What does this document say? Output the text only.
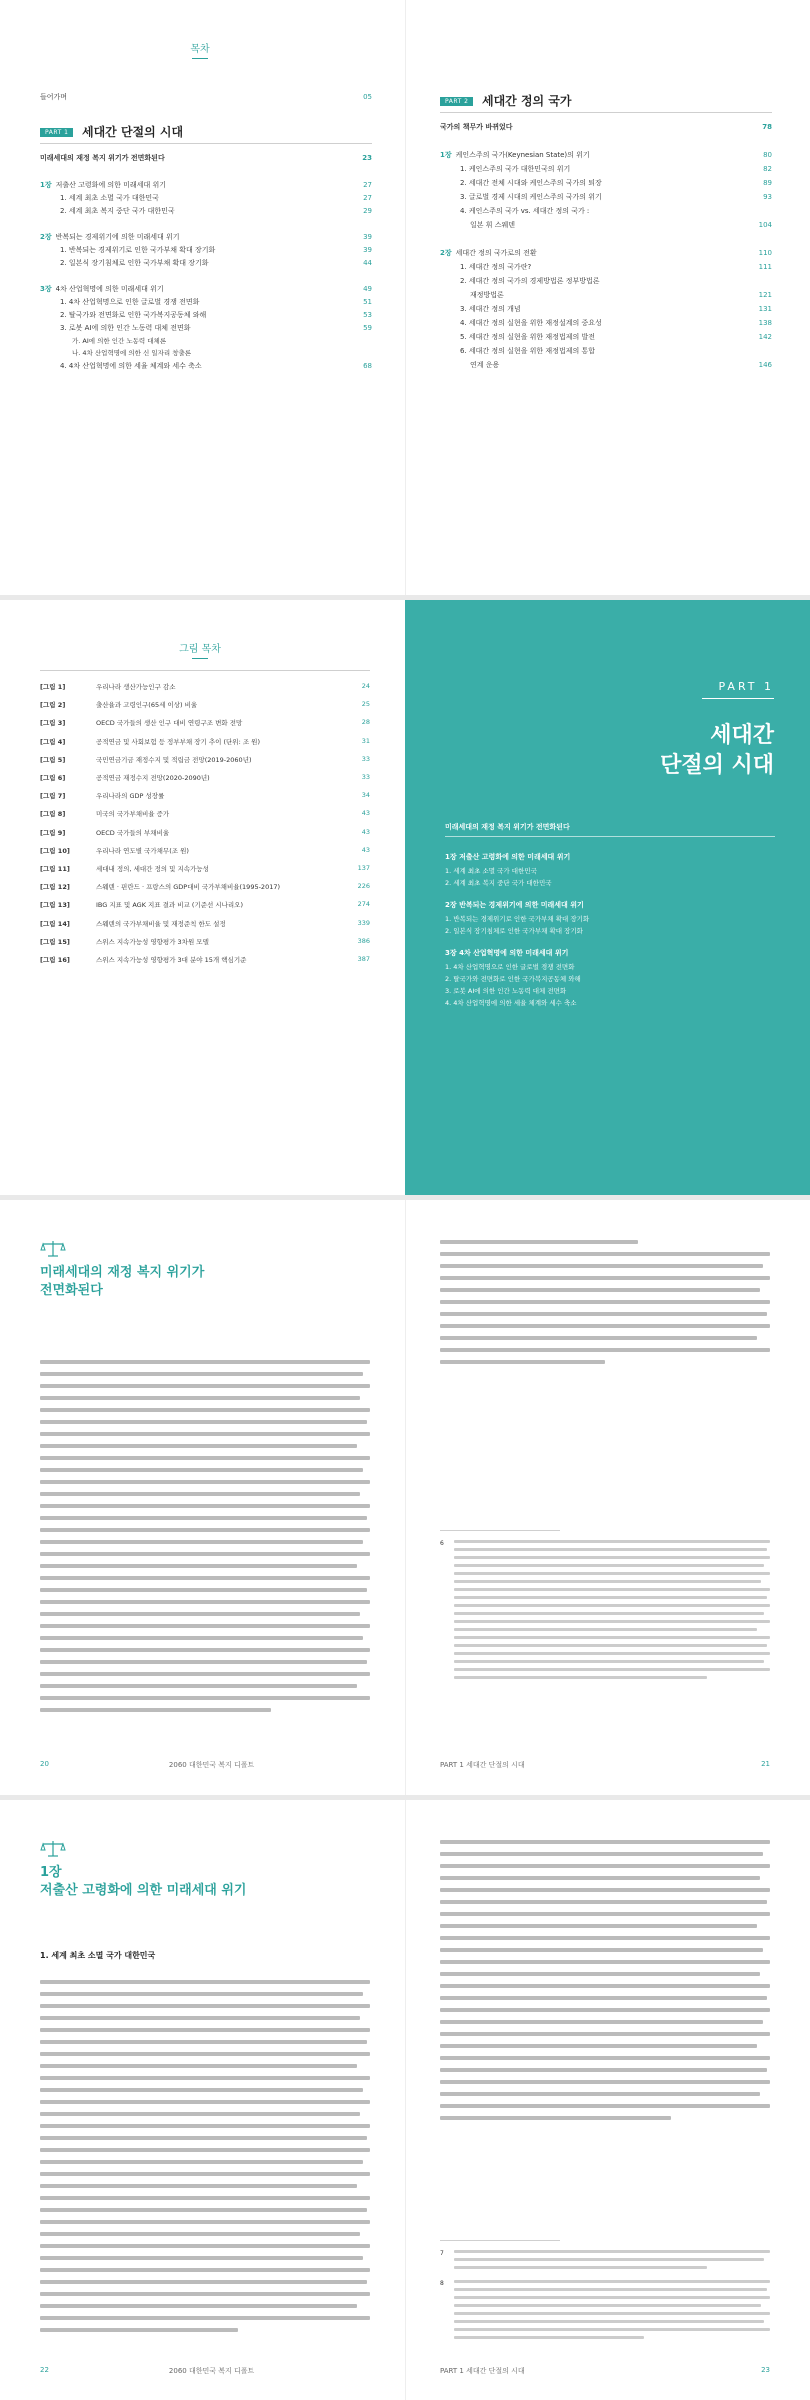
목차
들어가며	05
PART 1	세대간 단절의 시대
미래세대의 재정 복지 위기가 전면화된다	23
1장 저출산 고령화에 의한 미래세대 위기	27
1. 세계 최초 소멸 국가 대한민국	27
2. 세계 최초 복지 중단 국가 대한민국	29
2장 반복되는 경제위기에 의한 미래세대 위기	39
1. 반복되는 경제위기로 인한 국가부채 확대 장기화	39
2. 일본식 장기침체로 인한 국가부채 확대 장기화	44
3장 4차 산업혁명에 의한 미래세대 위기	49
1. 4차 산업혁명으로 인한 글로벌 경쟁 전면화	51
2. 탈국가와 전면화로 인한 국가복지공동체 와해	53
3. 로봇 AI에 의한 인간 노동력 대체 전면화	59
가. AI에 의한 인간 노동력 대체론
나. 4차 산업혁명에 의한 신 일자리 창출론
4. 4차 산업혁명에 의한 세율 체계와 세수 축소	68
PART 2	세대간 정의 국가
국가의 책무가 바뀌었다	78
1장 케인스주의 국가(Keynesian State)의 위기	80
1. 케인스주의 국가 대한민국의 위기	82
2. 세대간 전체 시대와 케인스주의 국가의 퇴장	89
3. 글로벌 경제 시대의 케인스주의 국가의 위기	93
4. 케인스주의 국가 vs. 세대간 정의 국가 :
일본 휘 스웨덴	104
2장 세대간 정의 국가로의 전환	110
1. 세대간 정의 국가란?	111
2. 세대간 정의 국가의 경제방법론 정부방법론
재정방법론	121
3. 세대간 정의 개념	131
4. 세대간 정의 실현을 위한 재정설계의 중요성	138
5. 세대간 정의 실현을 위한 재정법제의 발전	142
6. 세대간 정의 실현을 위한 재정법제의 통합
연계 운용	146
그림 목차
[그림 1]	우리나라 생산가능인구 감소	24
[그림 2]	출산율과 고령인구(65세 이상) 비율	25
[그림 3]	OECD 국가들의 생산 인구 대비 연령구조 변화 전망	28
[그림 4]	공적연금 및 사회보험 등 정부부채 장기 추이 (단위: 조 원)	31
[그림 5]	국민연금기금 재정수지 및 적립금 전망(2019-2060년)	33
[그림 6]	공적연금 재정수지 전망(2020-2090년)	33
[그림 7]	우리나라의 GDP 성장률	34
[그림 8]	미국의 국가부채비율 증가	43
[그림 9]	OECD 국가들의 부채비율	43
[그림 10]	우리나라 연도별 국가채무(조 원)	43
[그림 11]	세대내 정의, 세대간 정의 및 지속가능성	137
[그림 12]	스웨덴 · 핀란드 · 프랑스의 GDP대비 국가부채비율(1995-2017)	226
[그림 13]	IBG 지표 및 AGK 지표 결과 비교 (기준선 시나리오)	274
[그림 14]	스웨덴의 국가부채비율 및 재정준칙 한도 설정	339
[그림 15]	스위스 지속가능성 영향평가 3차원 모델	386
[그림 16]	스위스 지속가능성 영향평가 3대 분야 15개 핵심기준	387
PART 1
세대간
단절의 시대
미래세대의 재정 복지 위기가 전면화된다
1장 저출산 고령화에 의한 미래세대 위기
1. 세계 최초 소멸 국가 대한민국
2. 세계 최초 복지 중단 국가 대한민국
2장 반복되는 경제위기에 의한 미래세대 위기
1. 반복되는 경제위기로 인한 국가부채 확대 장기화
2. 일본식 장기침체로 인한 국가부채 확대 장기화
3장 4차 산업혁명에 의한 미래세대 위기
1. 4차 산업혁명으로 인한 글로벌 경쟁 전면화
2. 탈국가와 전면화로 인한 국가복지공동체 와해
3. 로봇 AI에 의한 인간 노동력 대체 전면화
4. 4차 산업혁명에 의한 세율 체계와 세수 축소
미래세대의 재정 복지 위기가
전면화된다
6
20	2060 대한민국 복지 디폴트	PART 1 세대간 단절의 시대	21
1장
저출산 고령화에 의한 미래세대 위기
1. 세계 최초 소멸 국가 대한민국
7
8
22	2060 대한민국 복지 디폴트	PART 1 세대간 단절의 시대	23
